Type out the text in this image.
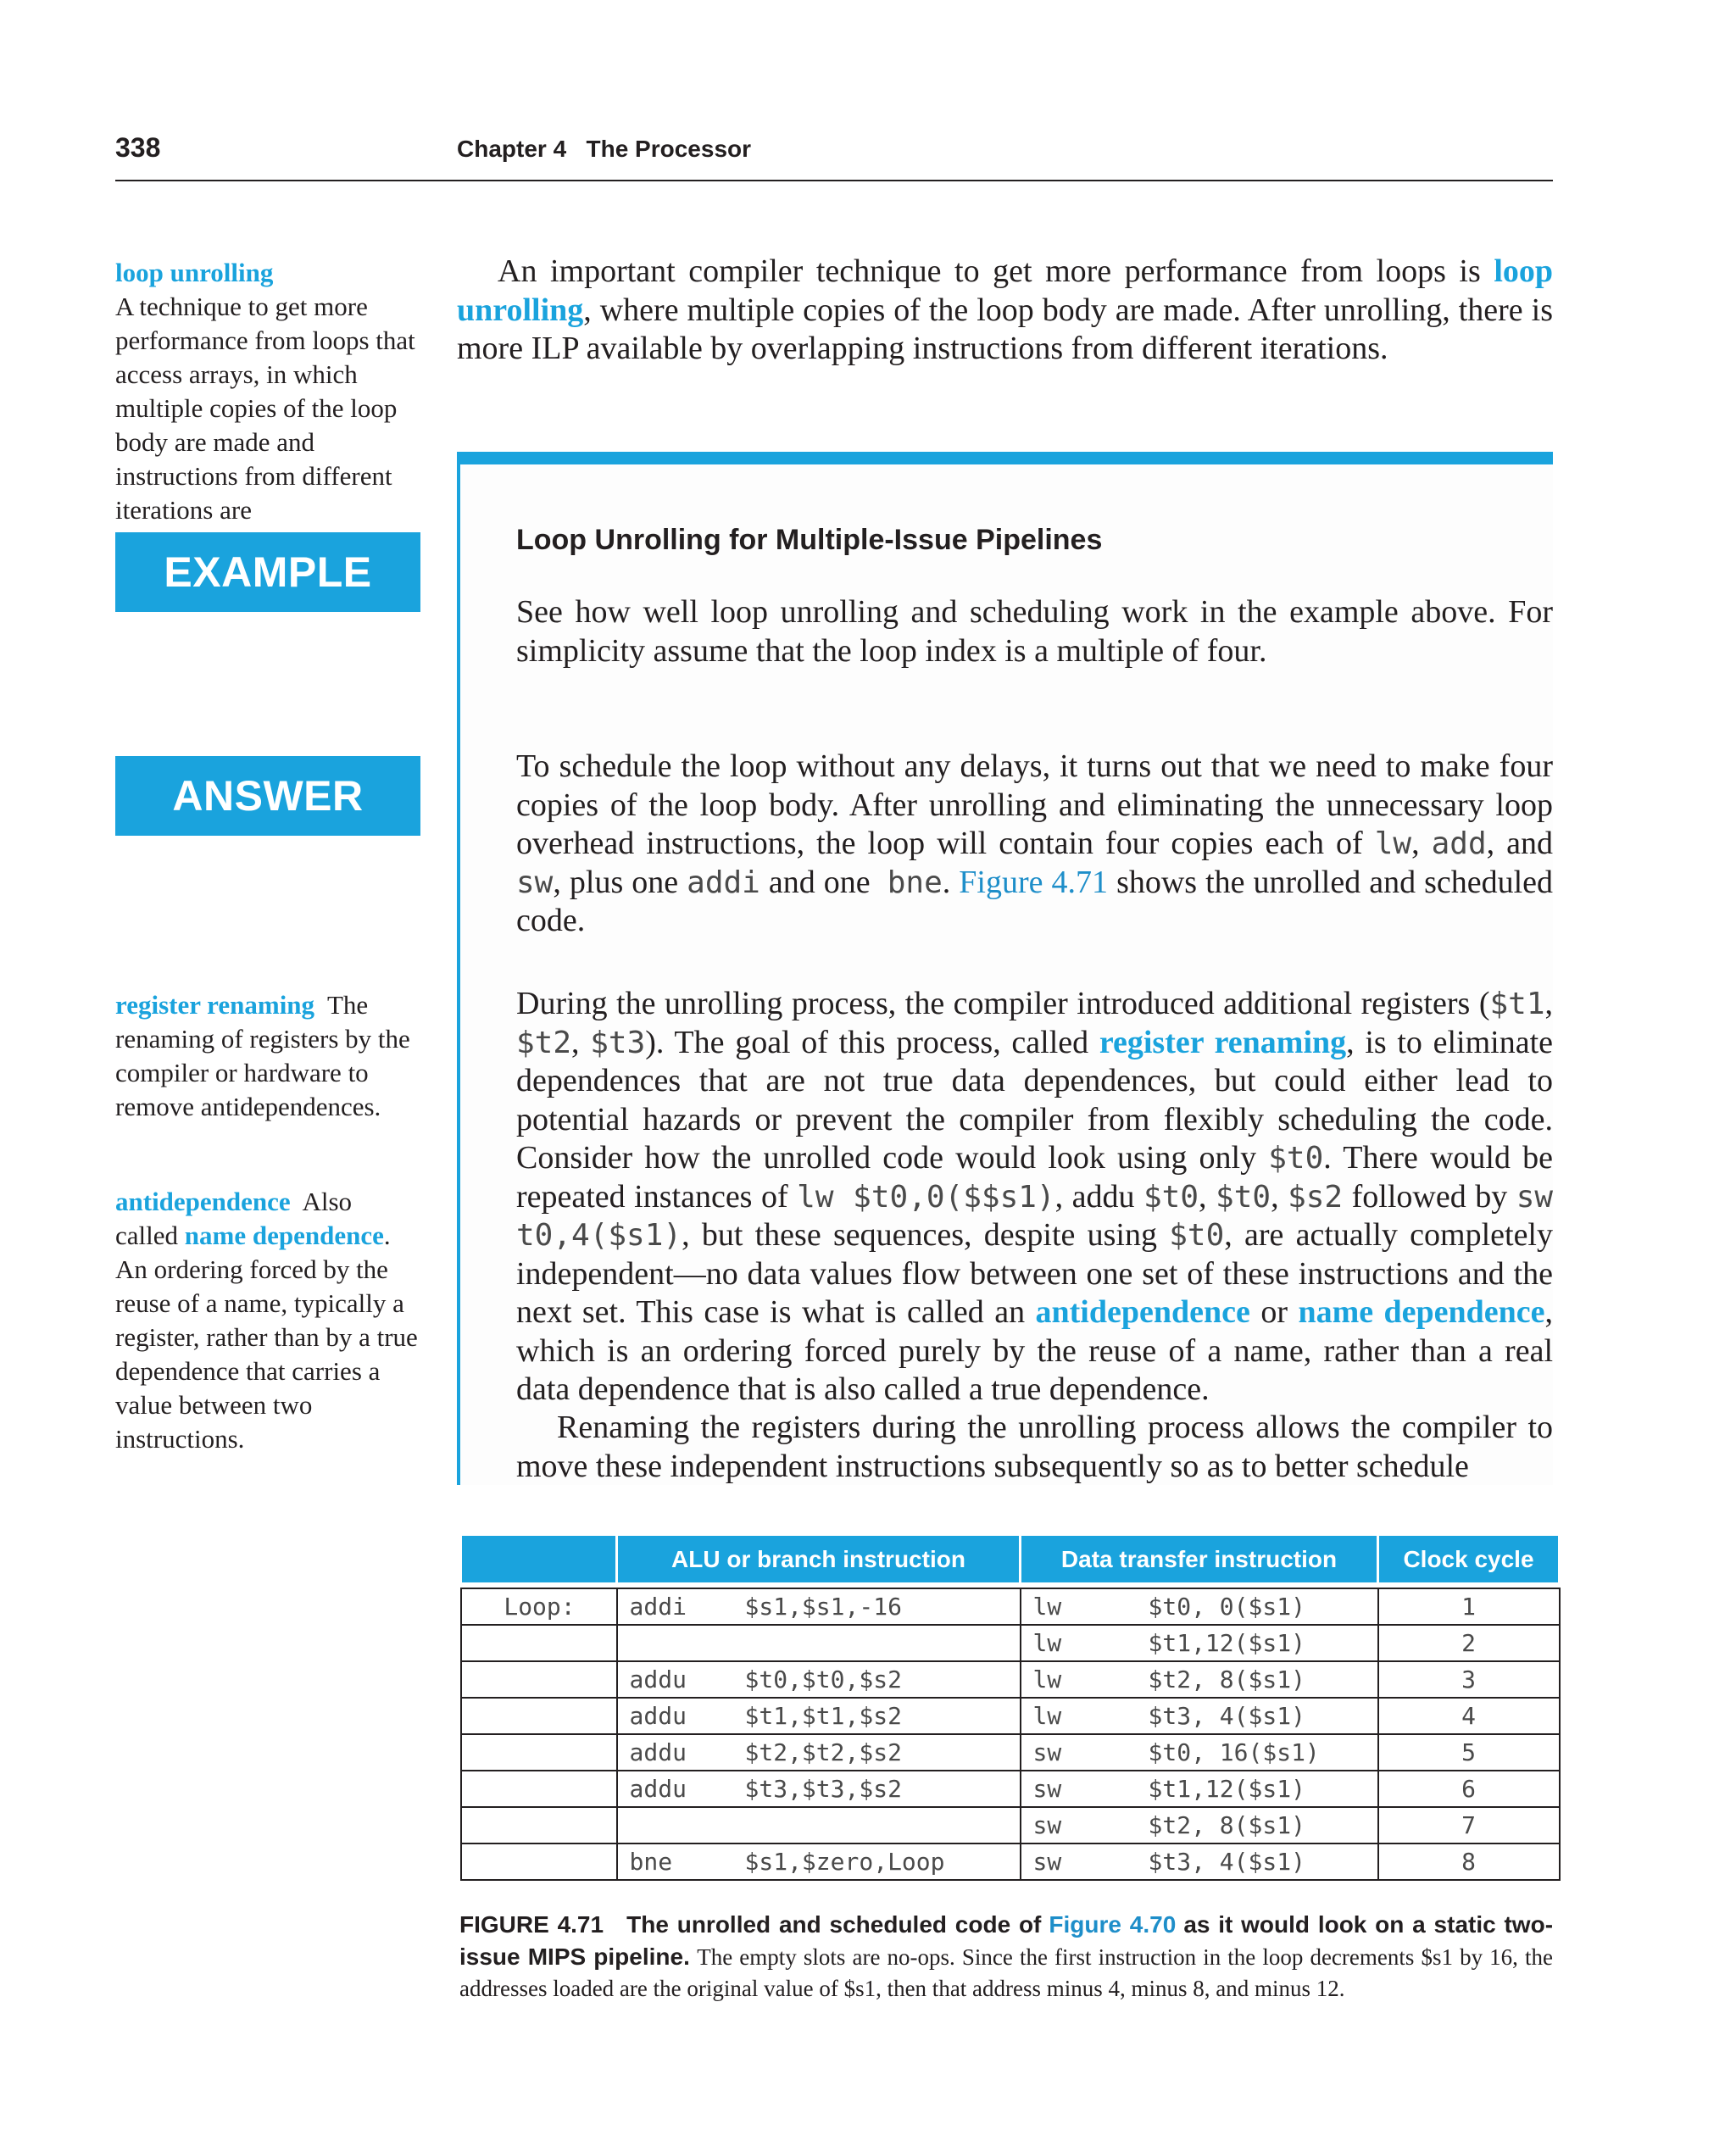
338	Chapter 4 The Processor
loop unrolling
A technique to get more performance from loops that access arrays, in which multiple copies of the loop body are made and instructions from different iterations are
register renaming The renaming of registers by the compiler or hardware to remove antidependences.
antidependence Also called name dependence. An ordering forced by the reuse of a name, typically a register, rather than by a true dependence that carries a value between two instructions.
An important compiler technique to get more performance from loops is loop unrolling, where multiple copies of the loop body are made. After unrolling, there is more ILP available by overlapping instructions from different iterations.
EXAMPLE
Loop Unrolling for Multiple-Issue Pipelines
See how well loop unrolling and scheduling work in the example above. For simplicity assume that the loop index is a multiple of four.
ANSWER
To schedule the loop without any delays, it turns out that we need to make four copies of the loop body. After unrolling and eliminating the unnecessary loop overhead instructions, the loop will contain four copies each of lw, add, and sw, plus one addi and one bne. Figure 4.71 shows the unrolled and scheduled code.
During the unrolling process, the compiler introduced additional registers ($t1, $t2, $t3). The goal of this process, called register renaming, is to eliminate dependences that are not true data dependences, but could either lead to potential hazards or prevent the compiler from flexibly scheduling the code. Consider how the unrolled code would look using only $t0. There would be repeated instances of lw $t0,0($$s1), addu $t0, $t0, $s2 followed by sw t0,4($s1), but these sequences, despite using $t0, are actually completely independent—no data values flow between one set of these instructions and the next set. This case is what is called an antidependence or name dependence, which is an ordering forced purely by the reuse of a name, rather than a real data dependence that is also called a true dependence.
Renaming the registers during the unrolling process allows the compiler to move these independent instructions subsequently so as to better schedule
	ALU or branch instruction	Data transfer instruction	Clock cycle

Loop:	addi $s1,$s1,-16	lw $t0, 0($s1)	1
		lw $t1,12($s1)	2
	addu $t0,$t0,$s2	lw $t2, 8($s1)	3
	addu $t1,$t1,$s2	lw $t3, 4($s1)	4
	addu $t2,$t2,$s2	sw $t0, 16($s1)	5
	addu $t3,$t3,$s2	sw $t1,12($s1)	6
		sw $t2, 8($s1)	7
	bne $s1,$zero,Loop	sw $t3, 4($s1)	8
FIGURE 4.71 The unrolled and scheduled code of Figure 4.70 as it would look on a static two-issue MIPS pipeline. The empty slots are no-ops. Since the first instruction in the loop decrements $s1 by 16, the addresses loaded are the original value of $s1, then that address minus 4, minus 8, and minus 12.
